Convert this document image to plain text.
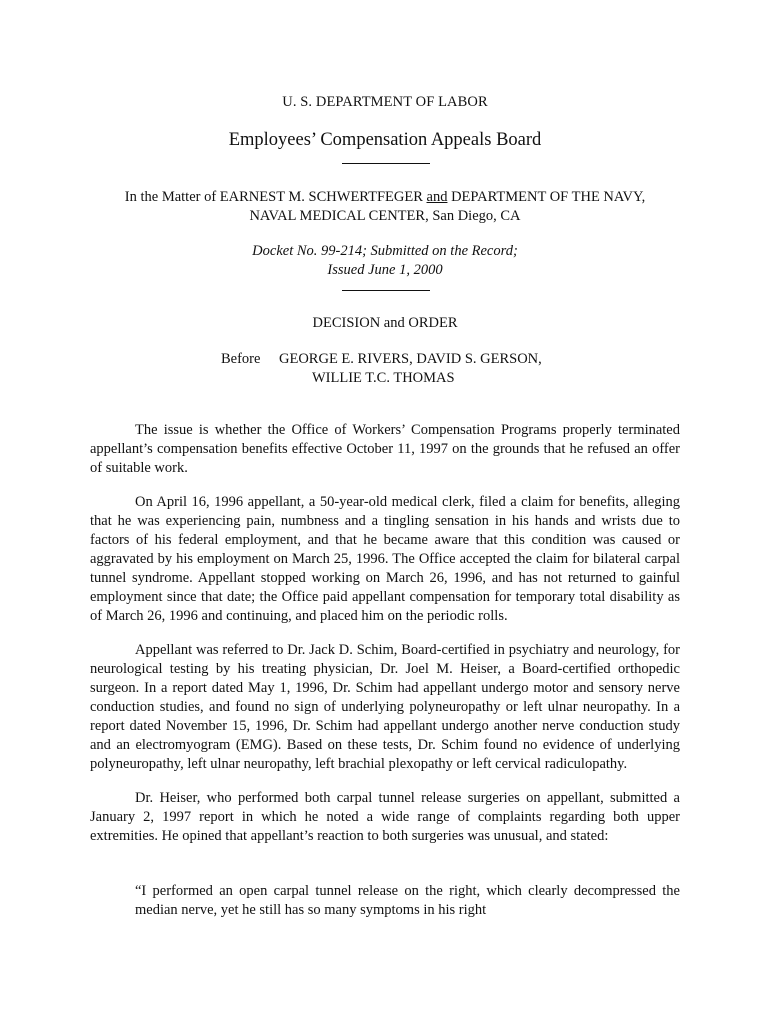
U. S. DEPARTMENT OF LABOR
Employees’ Compensation Appeals Board
In the Matter of EARNEST M. SCHWERTFEGER and DEPARTMENT OF THE NAVY,
NAVAL MEDICAL CENTER, San Diego, CA
Docket No. 99-214; Submitted on the Record;
Issued June 1, 2000
DECISION and ORDER
Before GEORGE E. RIVERS, DAVID S. GERSON,
WILLIE T.C. THOMAS

The issue is whether the Office of Workers’ Compensation Programs properly terminated appellant’s compensation benefits effective October 11, 1997 on the grounds that he refused an offer of suitable work.

On April 16, 1996 appellant, a 50-year-old medical clerk, filed a claim for benefits, alleging that he was experiencing pain, numbness and a tingling sensation in his hands and wrists due to factors of his federal employment, and that he became aware that this condition was caused or aggravated by his employment on March 25, 1996. The Office accepted the claim for bilateral carpal tunnel syndrome. Appellant stopped working on March 26, 1996, and has not returned to gainful employment since that date; the Office paid appellant compensation for temporary total disability as of March 26, 1996 and continuing, and placed him on the periodic rolls.

Appellant was referred to Dr. Jack D. Schim, Board-certified in psychiatry and neurology, for neurological testing by his treating physician, Dr. Joel M. Heiser, a Board-certified orthopedic surgeon. In a report dated May 1, 1996, Dr. Schim had appellant undergo motor and sensory nerve conduction studies, and found no sign of underlying polyneuropathy or left ulnar neuropathy. In a report dated November 15, 1996, Dr. Schim had appellant undergo another nerve conduction study and an electromyogram (EMG). Based on these tests, Dr. Schim found no evidence of underlying polyneuropathy, left ulnar neuropathy, left brachial plexopathy or left cervical radiculopathy.

Dr. Heiser, who performed both carpal tunnel release surgeries on appellant, submitted a January 2, 1997 report in which he noted a wide range of complaints regarding both upper extremities. He opined that appellant’s reaction to both surgeries was unusual, and stated:

“I performed an open carpal tunnel release on the right, which clearly decompressed the median nerve, yet he still has so many symptoms in his right
